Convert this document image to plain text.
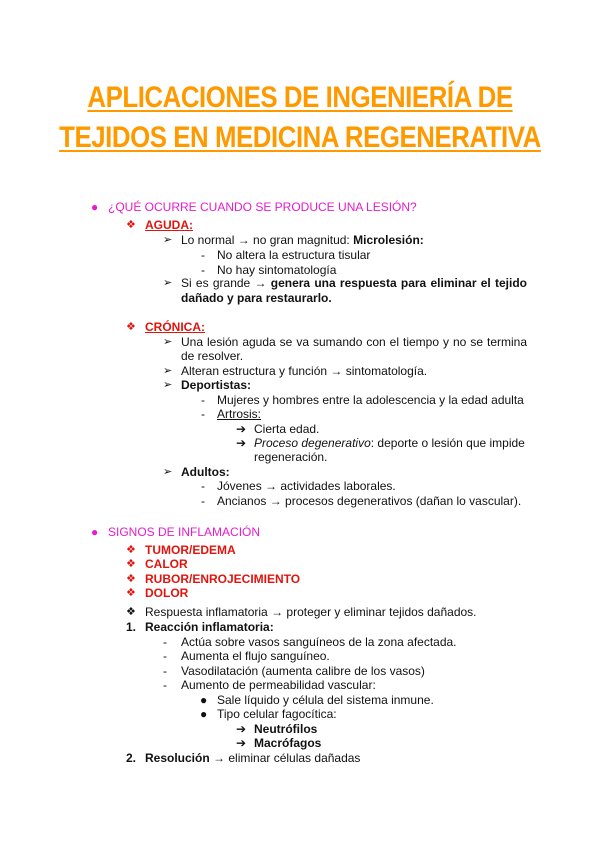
APLICACIONES DE INGENIERÍA DE
TEJIDOS EN MEDICINA REGENERATIVA
● ¿QUÉ OCURRE CUANDO SE PRODUCE UNA LESIÓN?
❖ AGUDA:
➢ Lo normal → no gran magnitud: Microlesión:
- No altera la estructura tisular
- No hay sintomatología
➢ Si es grande → genera una respuesta para eliminar el tejido
dañado y para restaurarlo.
❖ CRÓNICA:
➢ Una lesión aguda se va sumando con el tiempo y no se termina
de resolver.
➢ Alteran estructura y función → sintomatología.
➢ Deportistas:
- Mujeres y hombres entre la adolescencia y la edad adulta
- Artrosis:
➔ Cierta edad.
➔ Proceso degenerativo: deporte o lesión que impide
regeneración.
➢ Adultos:
- Jóvenes → actividades laborales.
- Ancianos → procesos degenerativos (dañan lo vascular).
● SIGNOS DE INFLAMACIÓN
❖ TUMOR/EDEMA
❖ CALOR
❖ RUBOR/ENROJECIMIENTO
❖ DOLOR
❖ Respuesta inflamatoria → proteger y eliminar tejidos dañados.
1. Reacción inflamatoria:
- Actúa sobre vasos sanguíneos de la zona afectada.
- Aumenta el flujo sanguíneo.
- Vasodilatación (aumenta calibre de los vasos)
- Aumento de permeabilidad vascular:
● Sale líquido y célula del sistema inmune.
● Tipo celular fagocítica:
➔ Neutrófilos
➔ Macrófagos
2. Resolución → eliminar células dañadas
